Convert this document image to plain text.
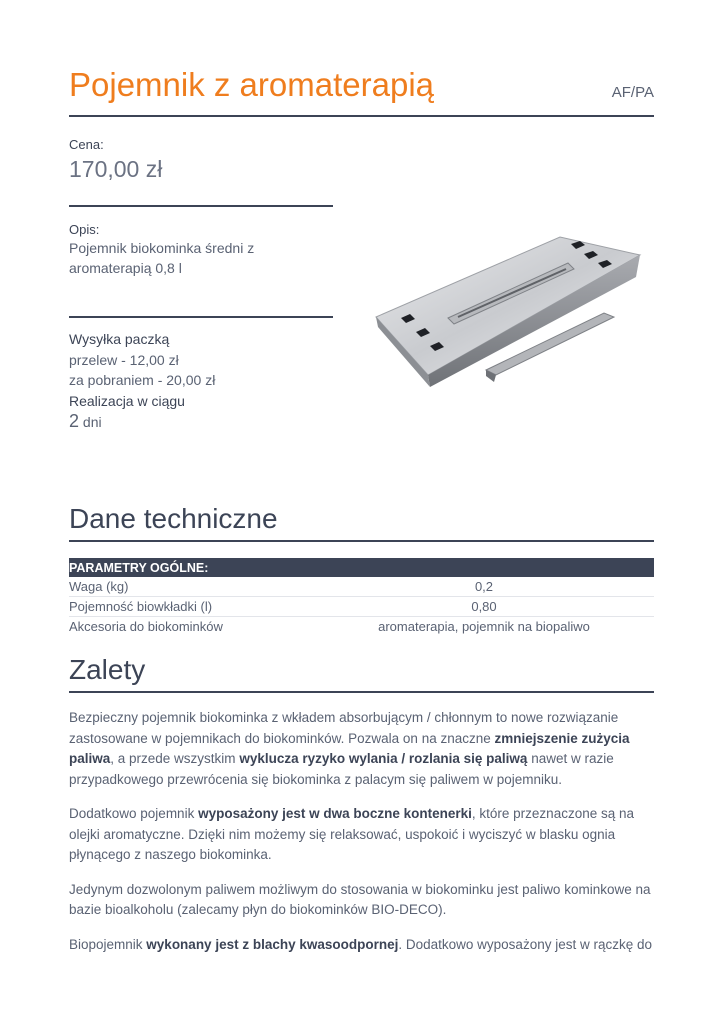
Pojemnik z aromaterapią	AF/PA
Cena:
170,00 zł
Opis:
Pojemnik biokominka średni z aromaterapią 0,8 l
Wysyłka paczką
przelew - 12,00 zł
za pobraniem - 20,00 zł
Realizacja w ciągu
2 dni
Dane techniczne
PARAMETRY OGÓLNE:	
Waga (kg)	0,2
Pojemność biowkładki (l)	0,80
Akcesoria do biokominków	aromaterapia, pojemnik na biopaliwo
Zalety

Bezpieczny pojemnik biokominka z wkładem absorbującym / chłonnym to nowe rozwiązanie zastosowane w pojemnikach do biokominków. Pozwala on na znaczne zmniejszenie zużycia paliwa, a przede wszystkim wyklucza ryzyko wylania / rozlania się paliwą nawet w razie przypadkowego przewrócenia się biokominka z palacym się paliwem w pojemniku.

Dodatkowo pojemnik wyposażony jest w dwa boczne kontenerki, które przeznaczone są na olejki aromatyczne. Dzięki nim możemy się relaksować, uspokoić i wyciszyć w blasku ognia płynącego z naszego biokominka.

Jedynym dozwolonym paliwem możliwym do stosowania w biokominku jest paliwo kominkowe na bazie bioalkoholu (zalecamy płyn do biokominków BIO-DECO).

Biopojemnik wykonany jest z blachy kwasoodpornej. Dodatkowo wyposażony jest w rączkę do
